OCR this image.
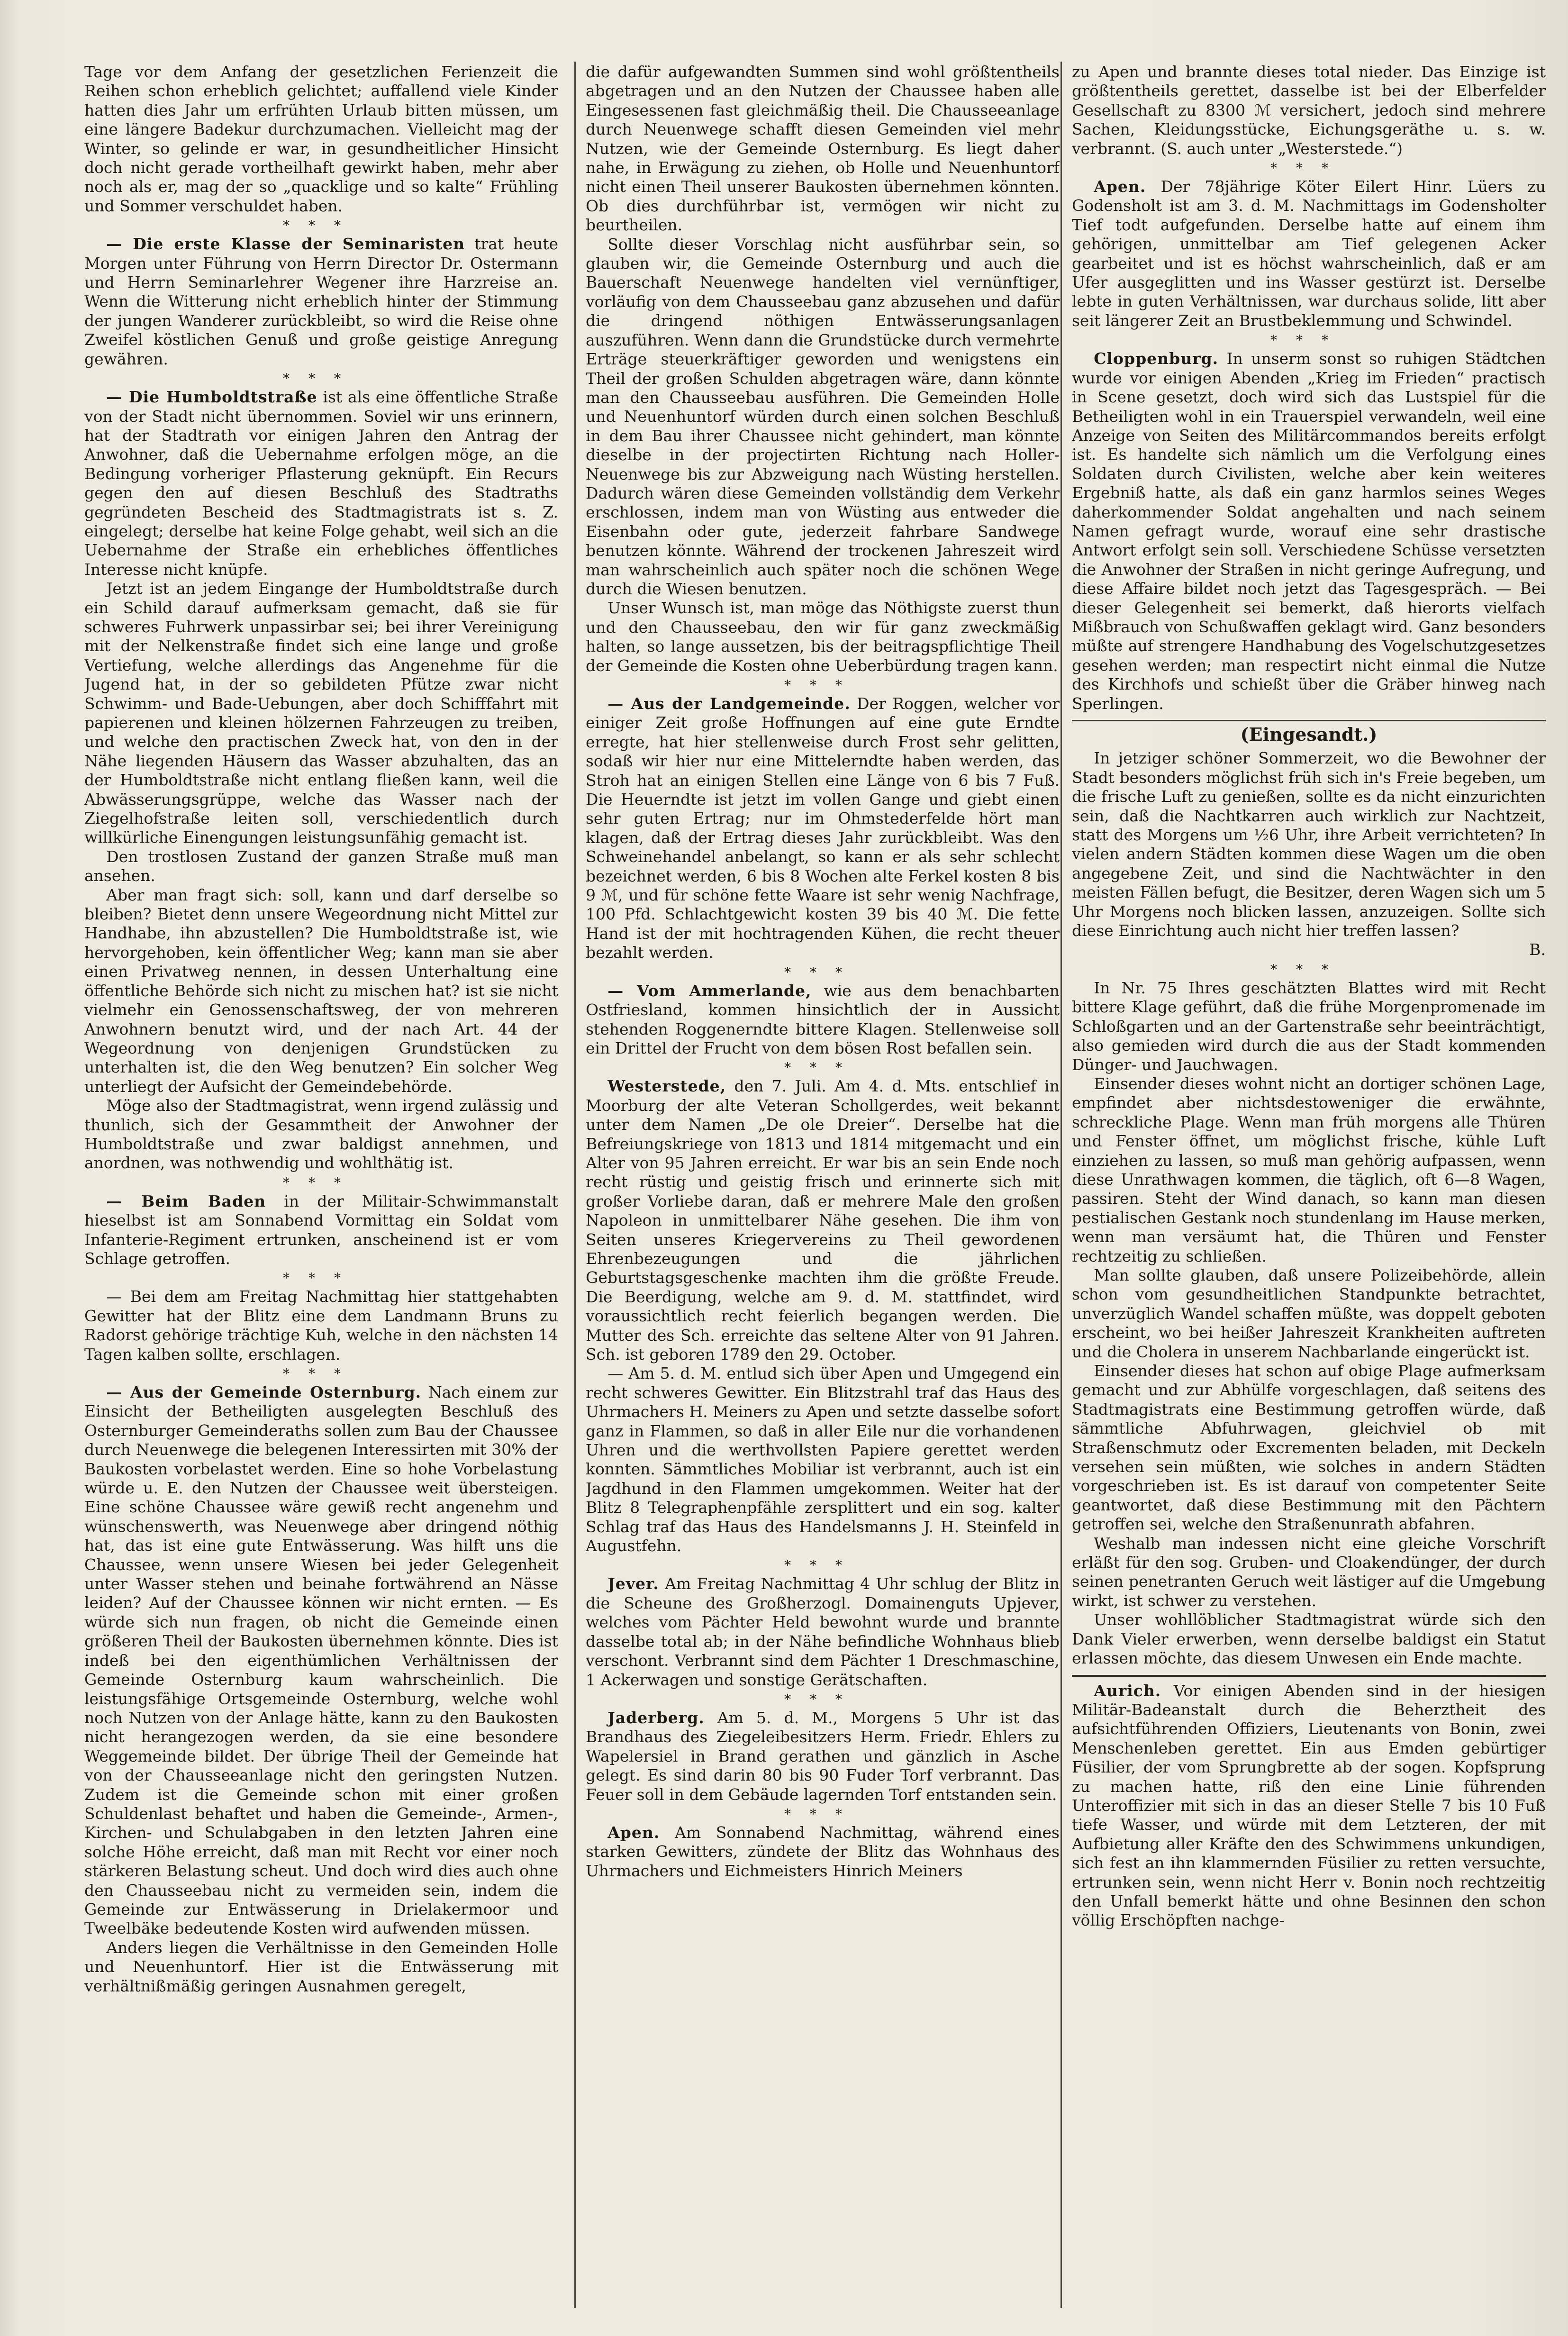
Tage vor dem Anfang der gesetzlichen Ferienzeit die Reihen schon erheblich gelichtet; auffallend viele Kinder hatten dies Jahr um erfrühten Urlaub bitten müssen, um eine längere Badekur durchzumachen. Vielleicht mag der Winter, so gelinde er war, in gesundheitlicher Hinsicht doch nicht gerade vortheilhaft gewirkt haben, mehr aber noch als er, mag der so „quacklige und so kalte“ Frühling und Sommer verschuldet haben.

***

— Die erste Klasse der Seminaristen trat heute Morgen unter Führung von Herrn Director Dr. Ostermann und Herrn Seminarlehrer Wegener ihre Harzreise an. Wenn die Witterung nicht erheblich hinter der Stimmung der jungen Wanderer zurückbleibt, so wird die Reise ohne Zweifel köstlichen Genuß und große geistige Anregung gewähren.

***

— Die Humboldtstraße ist als eine öffentliche Straße von der Stadt nicht übernommen. Soviel wir uns erinnern, hat der Stadtrath vor einigen Jahren den Antrag der Anwohner, daß die Uebernahme erfolgen möge, an die Bedingung vorheriger Pflasterung geknüpft. Ein Recurs gegen den auf diesen Beschluß des Stadtraths gegründeten Bescheid des Stadtmagistrats ist s. Z. eingelegt; derselbe hat keine Folge gehabt, weil sich an die Uebernahme der Straße ein erhebliches öffentliches Interesse nicht knüpfe.

Jetzt ist an jedem Eingange der Humboldtstraße durch ein Schild darauf aufmerksam gemacht, daß sie für schweres Fuhrwerk unpassirbar sei; bei ihrer Vereinigung mit der Nelkenstraße findet sich eine lange und große Vertiefung, welche allerdings das Angenehme für die Jugend hat, in der so gebildeten Pfütze zwar nicht Schwimm- und Bade-Uebungen, aber doch Schifffahrt mit papierenen und kleinen hölzernen Fahrzeugen zu treiben, und welche den practischen Zweck hat, von den in der Nähe liegenden Häusern das Wasser abzuhalten, das an der Humboldtstraße nicht entlang fließen kann, weil die Abwässerungsgrüppe, welche das Wasser nach der Ziegelhofstraße leiten soll, verschiedentlich durch willkürliche Einengungen leistungsunfähig gemacht ist.

Den trostlosen Zustand der ganzen Straße muß man ansehen.

Aber man fragt sich: soll, kann und darf derselbe so bleiben? Bietet denn unsere Wegeordnung nicht Mittel zur Handhabe, ihn abzustellen? Die Humboldtstraße ist, wie hervorgehoben, kein öffentlicher Weg; kann man sie aber einen Privatweg nennen, in dessen Unterhaltung eine öffentliche Behörde sich nicht zu mischen hat? ist sie nicht vielmehr ein Genossenschaftsweg, der von mehreren Anwohnern benutzt wird, und der nach Art. 44 der Wegeordnung von denjenigen Grundstücken zu unterhalten ist, die den Weg benutzen? Ein solcher Weg unterliegt der Aufsicht der Gemeindebehörde.

Möge also der Stadtmagistrat, wenn irgend zulässig und thunlich, sich der Gesammtheit der Anwohner der Humboldtstraße und zwar baldigst annehmen, und anordnen, was nothwendig und wohlthätig ist.

***

— Beim Baden in der Militair-Schwimmanstalt hieselbst ist am Sonnabend Vormittag ein Soldat vom Infanterie-Regiment ertrunken, anscheinend ist er vom Schlage getroffen.

***

— Bei dem am Freitag Nachmittag hier stattgehabten Gewitter hat der Blitz eine dem Landmann Bruns zu Radorst gehörige trächtige Kuh, welche in den nächsten 14 Tagen kalben sollte, erschlagen.

***

— Aus der Gemeinde Osternburg. Nach einem zur Einsicht der Betheiligten ausgelegten Beschluß des Osternburger Gemeinderaths sollen zum Bau der Chaussee durch Neuenwege die belegenen Interessirten mit 30% der Baukosten vorbelastet werden. Eine so hohe Vorbelastung würde u. E. den Nutzen der Chaussee weit übersteigen. Eine schöne Chaussee wäre gewiß recht angenehm und wünschenswerth, was Neuenwege aber dringend nöthig hat, das ist eine gute Entwässerung. Was hilft uns die Chaussee, wenn unsere Wiesen bei jeder Gelegenheit unter Wasser stehen und beinahe fortwährend an Nässe leiden? Auf der Chaussee können wir nicht ernten. — Es würde sich nun fragen, ob nicht die Gemeinde einen größeren Theil der Baukosten übernehmen könnte. Dies ist indeß bei den eigenthümlichen Verhältnissen der Gemeinde Osternburg kaum wahrscheinlich. Die leistungsfähige Ortsgemeinde Osternburg, welche wohl noch Nutzen von der Anlage hätte, kann zu den Baukosten nicht herangezogen werden, da sie eine besondere Weggemeinde bildet. Der übrige Theil der Gemeinde hat von der Chausseeanlage nicht den geringsten Nutzen. Zudem ist die Gemeinde schon mit einer großen Schuldenlast behaftet und haben die Gemeinde-, Armen-, Kirchen- und Schulabgaben in den letzten Jahren eine solche Höhe erreicht, daß man mit Recht vor einer noch stärkeren Belastung scheut. Und doch wird dies auch ohne den Chausseebau nicht zu vermeiden sein, indem die Gemeinde zur Entwässerung in Drielakermoor und Tweelbäke bedeutende Kosten wird aufwenden müssen.

Anders liegen die Verhältnisse in den Gemeinden Holle und Neuenhuntorf. Hier ist die Entwässerung mit verhältnißmäßig geringen Ausnahmen geregelt,

die dafür aufgewandten Summen sind wohl größtentheils abgetragen und an den Nutzen der Chaussee haben alle Eingesessenen fast gleichmäßig theil. Die Chausseeanlage durch Neuenwege schafft diesen Gemeinden viel mehr Nutzen, wie der Gemeinde Osternburg. Es liegt daher nahe, in Erwägung zu ziehen, ob Holle und Neuenhuntorf nicht einen Theil unserer Baukosten übernehmen könnten. Ob dies durchführbar ist, vermögen wir nicht zu beurtheilen.

Sollte dieser Vorschlag nicht ausführbar sein, so glauben wir, die Gemeinde Osternburg und auch die Bauerschaft Neuenwege handelten viel vernünftiger, vorläufig von dem Chausseebau ganz abzusehen und dafür die dringend nöthigen Entwässerungsanlagen auszuführen. Wenn dann die Grundstücke durch vermehrte Erträge steuerkräftiger geworden und wenigstens ein Theil der großen Schulden abgetragen wäre, dann könnte man den Chausseebau ausführen. Die Gemeinden Holle und Neuenhuntorf würden durch einen solchen Beschluß in dem Bau ihrer Chaussee nicht gehindert, man könnte dieselbe in der projectirten Richtung nach Holler-Neuenwege bis zur Abzweigung nach Wüsting herstellen. Dadurch wären diese Gemeinden vollständig dem Verkehr erschlossen, indem man von Wüsting aus entweder die Eisenbahn oder gute, jederzeit fahrbare Sandwege benutzen könnte. Während der trockenen Jahreszeit wird man wahrscheinlich auch später noch die schönen Wege durch die Wiesen benutzen.

Unser Wunsch ist, man möge das Nöthigste zuerst thun und den Chausseebau, den wir für ganz zweckmäßig halten, so lange aussetzen, bis der beitragspflichtige Theil der Gemeinde die Kosten ohne Ueberbürdung tragen kann.

***

— Aus der Landgemeinde. Der Roggen, welcher vor einiger Zeit große Hoffnungen auf eine gute Erndte erregte, hat hier stellenweise durch Frost sehr gelitten, sodaß wir hier nur eine Mittelerndte haben werden, das Stroh hat an einigen Stellen eine Länge von 6 bis 7 Fuß. Die Heuerndte ist jetzt im vollen Gange und giebt einen sehr guten Ertrag; nur im Ohmstederfelde hört man klagen, daß der Ertrag dieses Jahr zurückbleibt. Was den Schweinehandel anbelangt, so kann er als sehr schlecht bezeichnet werden, 6 bis 8 Wochen alte Ferkel kosten 8 bis 9 ℳ, und für schöne fette Waare ist sehr wenig Nachfrage, 100 Pfd. Schlachtgewicht kosten 39 bis 40 ℳ. Die fette Hand ist der mit hochtragenden Kühen, die recht theuer bezahlt werden.

***

— Vom Ammerlande, wie aus dem benachbarten Ostfriesland, kommen hinsichtlich der in Aussicht stehenden Roggenerndte bittere Klagen. Stellenweise soll ein Drittel der Frucht von dem bösen Rost befallen sein.

***

Westerstede, den 7. Juli. Am 4. d. Mts. entschlief in Moorburg der alte Veteran Schollgerdes, weit bekannt unter dem Namen „De ole Dreier“. Derselbe hat die Befreiungskriege von 1813 und 1814 mitgemacht und ein Alter von 95 Jahren erreicht. Er war bis an sein Ende noch recht rüstig und geistig frisch und erinnerte sich mit großer Vorliebe daran, daß er mehrere Male den großen Napoleon in unmittelbarer Nähe gesehen. Die ihm von Seiten unseres Kriegervereins zu Theil gewordenen Ehrenbezeugungen und die jährlichen Geburtstagsgeschenke machten ihm die größte Freude. Die Beerdigung, welche am 9. d. M. stattfindet, wird voraussichtlich recht feierlich begangen werden. Die Mutter des Sch. erreichte das seltene Alter von 91 Jahren. Sch. ist geboren 1789 den 29. October.

— Am 5. d. M. entlud sich über Apen und Umgegend ein recht schweres Gewitter. Ein Blitzstrahl traf das Haus des Uhrmachers H. Meiners zu Apen und setzte dasselbe sofort ganz in Flammen, so daß in aller Eile nur die vorhandenen Uhren und die werthvollsten Papiere gerettet werden konnten. Sämmtliches Mobiliar ist verbrannt, auch ist ein Jagdhund in den Flammen umgekommen. Weiter hat der Blitz 8 Telegraphenpfähle zersplittert und ein sog. kalter Schlag traf das Haus des Handelsmanns J. H. Steinfeld in Augustfehn.

***

Jever. Am Freitag Nachmittag 4 Uhr schlug der Blitz in die Scheune des Großherzogl. Domainenguts Upjever, welches vom Pächter Held bewohnt wurde und brannte dasselbe total ab; in der Nähe befindliche Wohnhaus blieb verschont. Verbrannt sind dem Pächter 1 Dreschmaschine, 1 Ackerwagen und sonstige Gerätschaften.

***

Jaderberg. Am 5. d. M., Morgens 5 Uhr ist das Brandhaus des Ziegeleibesitzers Herm. Friedr. Ehlers zu Wapelersiel in Brand gerathen und gänzlich in Asche gelegt. Es sind darin 80 bis 90 Fuder Torf verbrannt. Das Feuer soll in dem Gebäude lagernden Torf entstanden sein.

***

Apen. Am Sonnabend Nachmittag, während eines starken Gewitters, zündete der Blitz das Wohnhaus des Uhrmachers und Eichmeisters Hinrich Meiners

zu Apen und brannte dieses total nieder. Das Einzige ist größtentheils gerettet, dasselbe ist bei der Elberfelder Gesellschaft zu 8300 ℳ versichert, jedoch sind mehrere Sachen, Kleidungsstücke, Eichungsgeräthe u. s. w. verbrannt. (S. auch unter „Westerstede.“)

***

Apen. Der 78jährige Köter Eilert Hinr. Lüers zu Godensholt ist am 3. d. M. Nachmittags im Godensholter Tief todt aufgefunden. Derselbe hatte auf einem ihm gehörigen, unmittelbar am Tief gelegenen Acker gearbeitet und ist es höchst wahrscheinlich, daß er am Ufer ausgeglitten und ins Wasser gestürzt ist. Derselbe lebte in guten Verhältnissen, war durchaus solide, litt aber seit längerer Zeit an Brustbeklemmung und Schwindel.

***

Cloppenburg. In unserm sonst so ruhigen Städtchen wurde vor einigen Abenden „Krieg im Frieden“ practisch in Scene gesetzt, doch wird sich das Lustspiel für die Betheiligten wohl in ein Trauerspiel verwandeln, weil eine Anzeige von Seiten des Militärcommandos bereits erfolgt ist. Es handelte sich nämlich um die Verfolgung eines Soldaten durch Civilisten, welche aber kein weiteres Ergebniß hatte, als daß ein ganz harmlos seines Weges daherkommender Soldat angehalten und nach seinem Namen gefragt wurde, worauf eine sehr drastische Antwort erfolgt sein soll. Verschiedene Schüsse versetzten die Anwohner der Straßen in nicht geringe Aufregung, und diese Affaire bildet noch jetzt das Tagesgespräch. — Bei dieser Gelegenheit sei bemerkt, daß hierorts vielfach Mißbrauch von Schußwaffen geklagt wird. Ganz besonders müßte auf strengere Handhabung des Vogelschutzgesetzes gesehen werden; man respectirt nicht einmal die Nutze des Kirchhofs und schießt über die Gräber hinweg nach Sperlingen.

(Eingesandt.)

In jetziger schöner Sommerzeit, wo die Bewohner der Stadt besonders möglichst früh sich in's Freie begeben, um die frische Luft zu genießen, sollte es da nicht einzurichten sein, daß die Nachtkarren auch wirklich zur Nachtzeit, statt des Morgens um ½6 Uhr, ihre Arbeit verrichteten? In vielen andern Städten kommen diese Wagen um die oben angegebene Zeit, und sind die Nachtwächter in den meisten Fällen befugt, die Besitzer, deren Wagen sich um 5 Uhr Morgens noch blicken lassen, anzuzeigen. Sollte sich diese Einrichtung auch nicht hier treffen lassen?

B.

***

In Nr. 75 Ihres geschätzten Blattes wird mit Recht bittere Klage geführt, daß die frühe Morgenpromenade im Schloßgarten und an der Gartenstraße sehr beeinträchtigt, also gemieden wird durch die aus der Stadt kommenden Dünger- und Jauchwagen.

Einsender dieses wohnt nicht an dortiger schönen Lage, empfindet aber nichtsdestoweniger die erwähnte, schreckliche Plage. Wenn man früh morgens alle Thüren und Fenster öffnet, um möglichst frische, kühle Luft einziehen zu lassen, so muß man gehörig aufpassen, wenn diese Unrathwagen kommen, die täglich, oft 6—8 Wagen, passiren. Steht der Wind danach, so kann man diesen pestialischen Gestank noch stundenlang im Hause merken, wenn man versäumt hat, die Thüren und Fenster rechtzeitig zu schließen.

Man sollte glauben, daß unsere Polizeibehörde, allein schon vom gesundheitlichen Standpunkte betrachtet, unverzüglich Wandel schaffen müßte, was doppelt geboten erscheint, wo bei heißer Jahreszeit Krankheiten auftreten und die Cholera in unserem Nachbarlande eingerückt ist.

Einsender dieses hat schon auf obige Plage aufmerksam gemacht und zur Abhülfe vorgeschlagen, daß seitens des Stadtmagistrats eine Bestimmung getroffen würde, daß sämmtliche Abfuhrwagen, gleichviel ob mit Straßenschmutz oder Excrementen beladen, mit Deckeln versehen sein müßten, wie solches in andern Städten vorgeschrieben ist. Es ist darauf von competenter Seite geantwortet, daß diese Bestimmung mit den Pächtern getroffen sei, welche den Straßenunrath abfahren.

Weshalb man indessen nicht eine gleiche Vorschrift erläßt für den sog. Gruben- und Cloakendünger, der durch seinen penetranten Geruch weit lästiger auf die Umgebung wirkt, ist schwer zu verstehen.

Unser wohllöblicher Stadtmagistrat würde sich den Dank Vieler erwerben, wenn derselbe baldigst ein Statut erlassen möchte, das diesem Unwesen ein Ende machte.

Aurich. Vor einigen Abenden sind in der hiesigen Militär-Badeanstalt durch die Beherztheit des aufsichtführenden Offiziers, Lieutenants von Bonin, zwei Menschenleben gerettet. Ein aus Emden gebürtiger Füsilier, der vom Sprungbrette ab der sogen. Kopfsprung zu machen hatte, riß den eine Linie führenden Unteroffizier mit sich in das an dieser Stelle 7 bis 10 Fuß tiefe Wasser, und würde mit dem Letzteren, der mit Aufbietung aller Kräfte den des Schwimmens unkundigen, sich fest an ihn klammernden Füsilier zu retten versuchte, ertrunken sein, wenn nicht Herr v. Bonin noch rechtzeitig den Unfall bemerkt hätte und ohne Besinnen den schon völlig Erschöpften nachge-
